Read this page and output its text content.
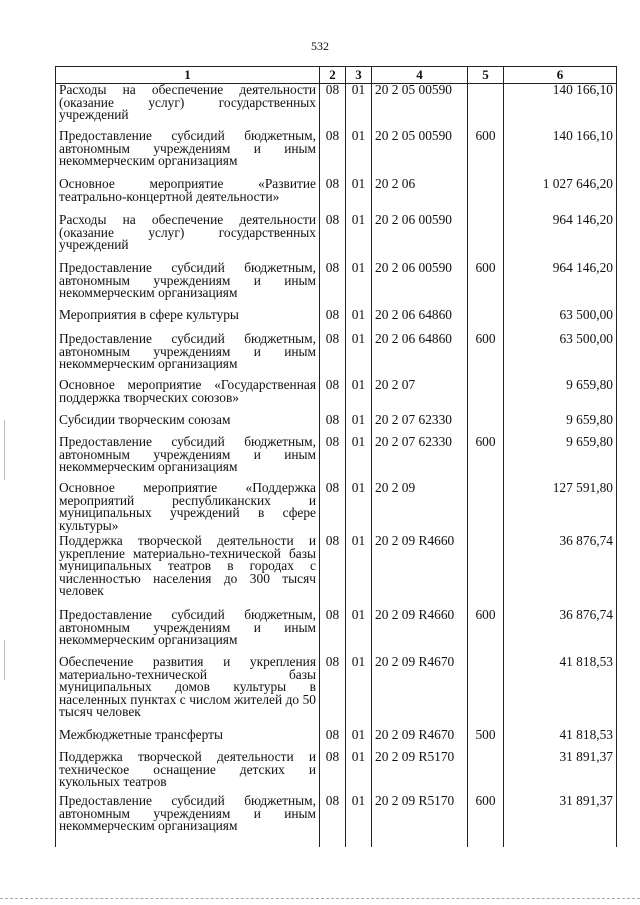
532
1	2	3	4	5	6
Расходы на обеспечение деятельности (оказание услуг) государственных учреждений	08	01	20 2 05 00590		140 166,10
Предоставление субсидий бюджетным, автономным учреждениям и иным некоммерческим организациям	08	01	20 2 05 00590	600	140 166,10
Основное мероприятие «Развитие театрально-концертной деятельности»	08	01	20 2 06		1 027 646,20
Расходы на обеспечение деятельности (оказание услуг) государственных учреждений	08	01	20 2 06 00590		964 146,20
Предоставление субсидий бюджетным, автономным учреждениям и иным некоммерческим организациям	08	01	20 2 06 00590	600	964 146,20
Мероприятия в сфере культуры	08	01	20 2 06 64860		63 500,00
Предоставление субсидий бюджетным, автономным учреждениям и иным некоммерческим организациям	08	01	20 2 06 64860	600	63 500,00
Основное мероприятие «Государственная поддержка творческих союзов»	08	01	20 2 07		9 659,80
Субсидии творческим союзам	08	01	20 2 07 62330		9 659,80
Предоставление субсидий бюджетным, автономным учреждениям и иным некоммерческим организациям	08	01	20 2 07 62330	600	9 659,80
Основное мероприятие «Поддержка мероприятий республиканских и муниципальных учреждений в сфере культуры»	08	01	20 2 09		127 591,80
Поддержка творческой деятельности и укрепление материально-технической базы муниципальных театров в городах с численностью населения до 300 тысяч человек	08	01	20 2 09 R4660		36 876,74
Предоставление субсидий бюджетным, автономным учреждениям и иным некоммерческим организациям	08	01	20 2 09 R4660	600	36 876,74
Обеспечение развития и укрепления материально-технической базы муниципальных домов культуры в населенных пунктах с числом жителей до 50 тысяч человек	08	01	20 2 09 R4670		41 818,53
Межбюджетные трансферты	08	01	20 2 09 R4670	500	41 818,53
Поддержка творческой деятельности и техническое оснащение детских и кукольных театров	08	01	20 2 09 R5170		31 891,37
Предоставление субсидий бюджетным, автономным учреждениям и иным некоммерческим организациям	08	01	20 2 09 R5170	600	31 891,37
